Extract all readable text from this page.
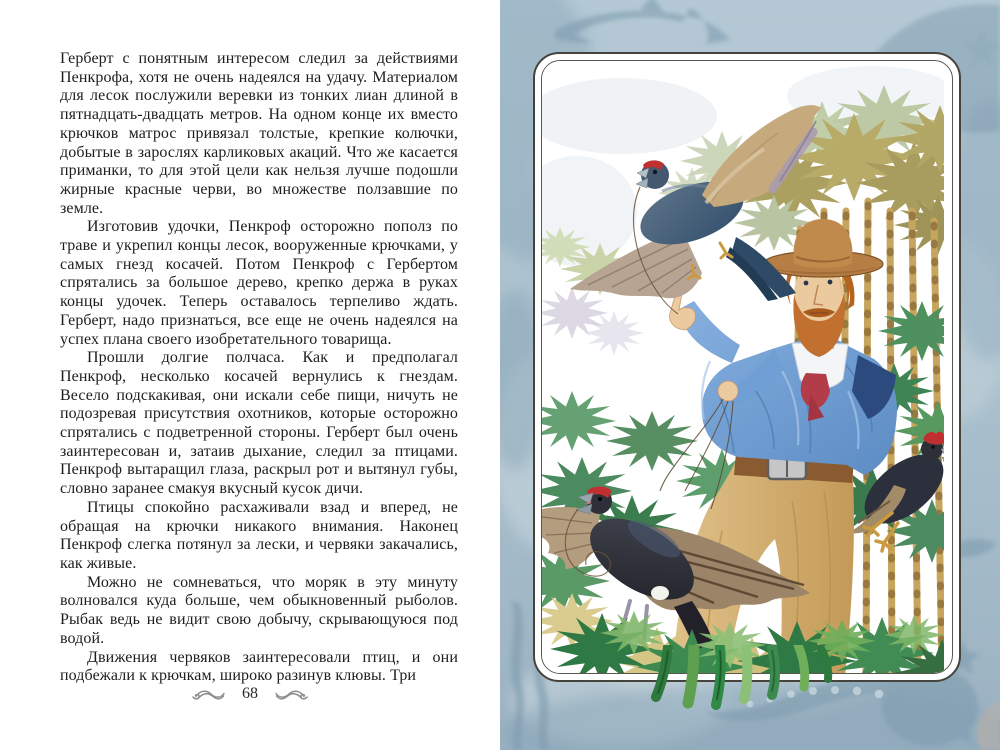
Герберт с понятным интересом следил за действиями Пенкрофа, хотя не очень надеялся на удачу. Материалом для лесок послужили веревки из тонких лиан длиной в пятнадцать-двадцать метров. На одном конце их вместо крючков матрос привязал толстые, крепкие колючки, добытые в зарослях карликовых акаций. Что же касается приманки, то для этой цели как нельзя лучше подошли жирные красные черви, во множестве ползавшие по земле.

Изготовив удочки, Пенкроф осторожно пополз по траве и укрепил концы лесок, вооруженные крючками, у самых гнезд косачей. Потом Пенкроф с Гербертом спрятались за большое дерево, крепко держа в руках концы удочек. Теперь оставалось терпеливо ждать. Герберт, надо признаться, все еще не очень надеялся на успех плана своего изобретательного товарища.

Прошли долгие полчаса. Как и предполагал Пенкроф, несколько косачей вернулись к гнездам. Весело подскакивая, они искали себе пищи, ничуть не подозревая присутствия охотников, которые осторожно спрятались с подветренной стороны. Герберт был очень заинтересован и, затаив дыхание, следил за птицами. Пенкроф вытаращил глаза, раскрыл рот и вытянул губы, словно заранее смакуя вкусный кусок дичи.

Птицы спокойно расхаживали взад и вперед, не обращая на крючки никакого внимания. Наконец Пенкроф слегка потянул за лески, и червяки закачались, как живые.

Можно не сомневаться, что моряк в эту минуту волновался куда больше, чем обыкновенный рыболов. Рыбак ведь не видит свою добычу, скрывающуюся под водой.

Движения червяков заинтересовали птиц, и они подбежали к крючкам, широко разинув клювы. Три

68
